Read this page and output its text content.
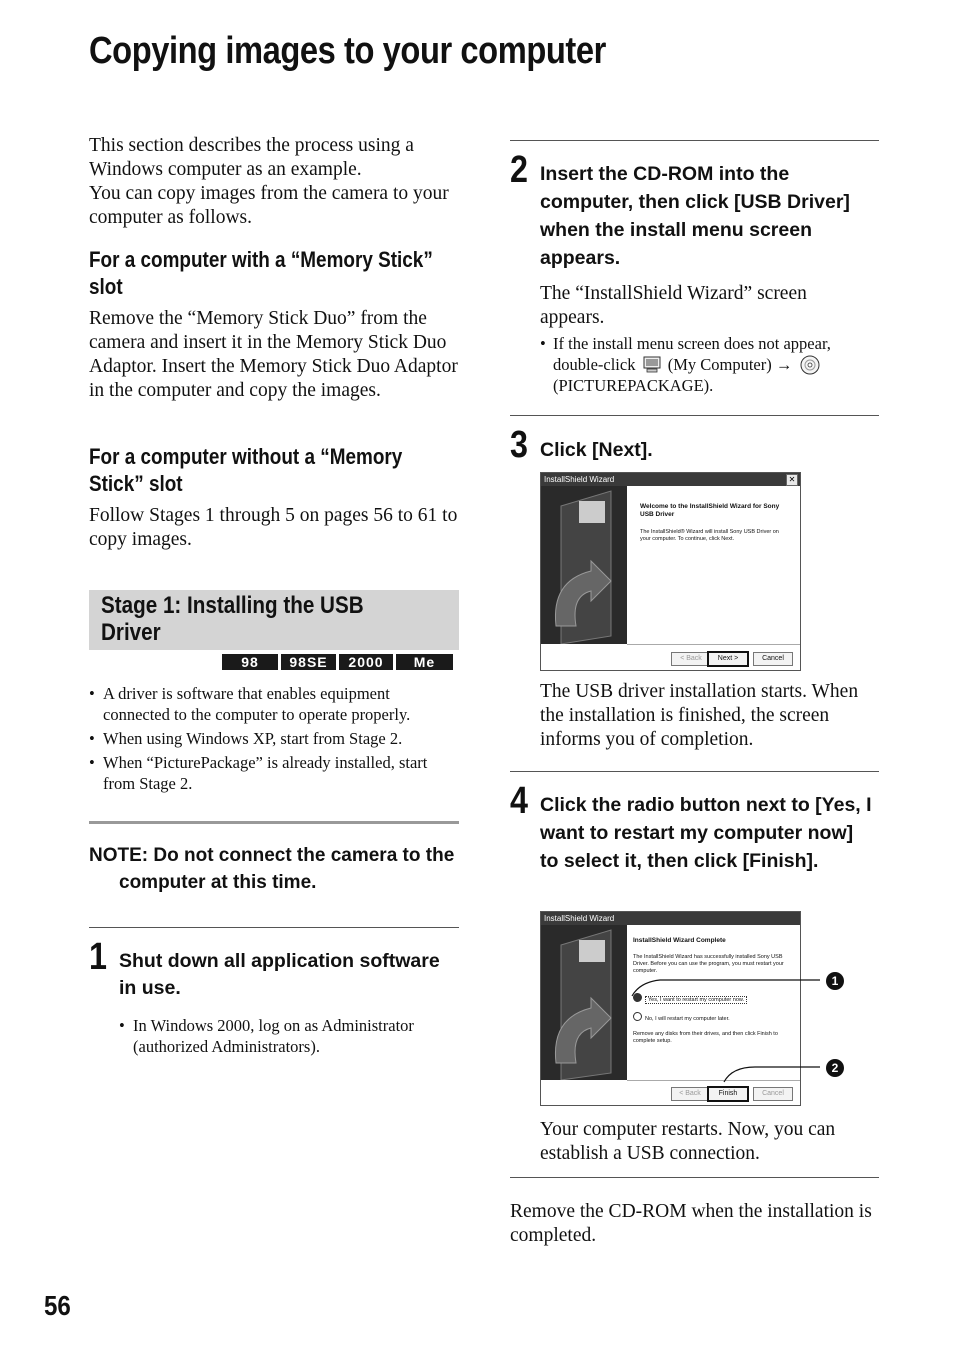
Copying images to your computer
This section describes the process using a Windows computer as an example.
You can copy images from the camera to your computer as follows.
For a computer with a “Memory Stick” slot
Remove the “Memory Stick Duo” from the camera and insert it in the Memory Stick Duo Adaptor. Insert the Memory Stick Duo Adaptor in the computer and copy the images.
For a computer without a “Memory Stick” slot
Follow Stages 1 through 5 on pages 56 to 61 to copy images.
Stage 1: Installing the USB Driver
98	98SE	2000	Me
• A driver is software that enables equipment connected to the computer to operate properly.
• When using Windows XP, start from Stage 2.
• When “PicturePackage” is already installed, start from Stage 2.
NOTE: Do not connect the camera to the computer at this time.
1 Shut down all application software in use.
• In Windows 2000, log on as Administrator (authorized Administrators).
56
2 Insert the CD-ROM into the computer, then click [USB Driver] when the install menu screen appears.
The “InstallShield Wizard” screen appears.
• If the install menu screen does not appear, double-click (My Computer) →
(PICTUREPACKAGE).
3 Click [Next].
InstallShield Wizard	✕
Welcome to the InstallShield Wizard for Sony USB Driver
The InstallShield® Wizard will install Sony USB Driver on your computer. To continue, click Next.
< Back	Next >	Cancel
The USB driver installation starts. When the installation is finished, the screen informs you of completion.
4 Click the radio button next to [Yes, I want to restart my computer now] to select it, then click [Finish].
InstallShield Wizard
InstallShield Wizard Complete
The InstallShield Wizard has successfully installed Sony USB Driver. Before you can use the program, you must restart your computer.
Yes, I want to restart my computer now.
No, I will restart my computer later.
Remove any disks from their drives, and then click Finish to complete setup.
< Back	Finish	Cancel
1
2
Your computer restarts. Now, you can establish a USB connection.
Remove the CD-ROM when the installation is completed.
